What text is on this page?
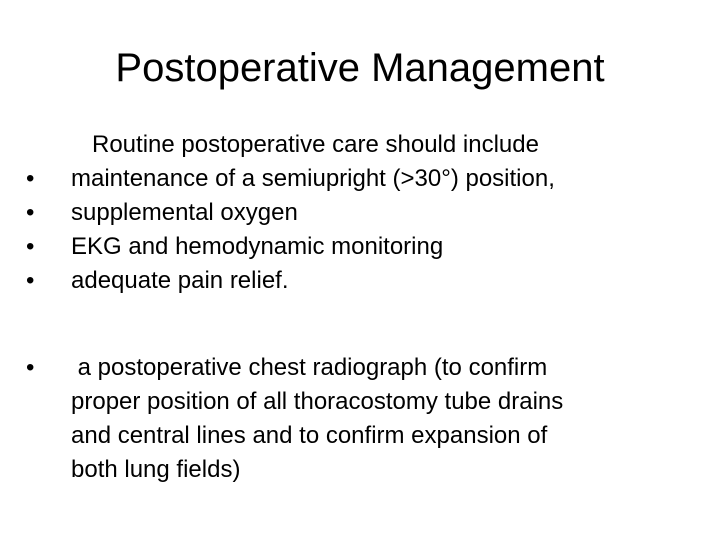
Postoperative Management
Routine postoperative care should include
•	maintenance of a semiupright (>30°) position,
•	supplemental oxygen
•	EKG and hemodynamic monitoring
•	adequate pain relief.
•	a postoperative chest radiograph (to confirm
proper position of all thoracostomy tube drains
and central lines and to confirm expansion of
both lung fields)
